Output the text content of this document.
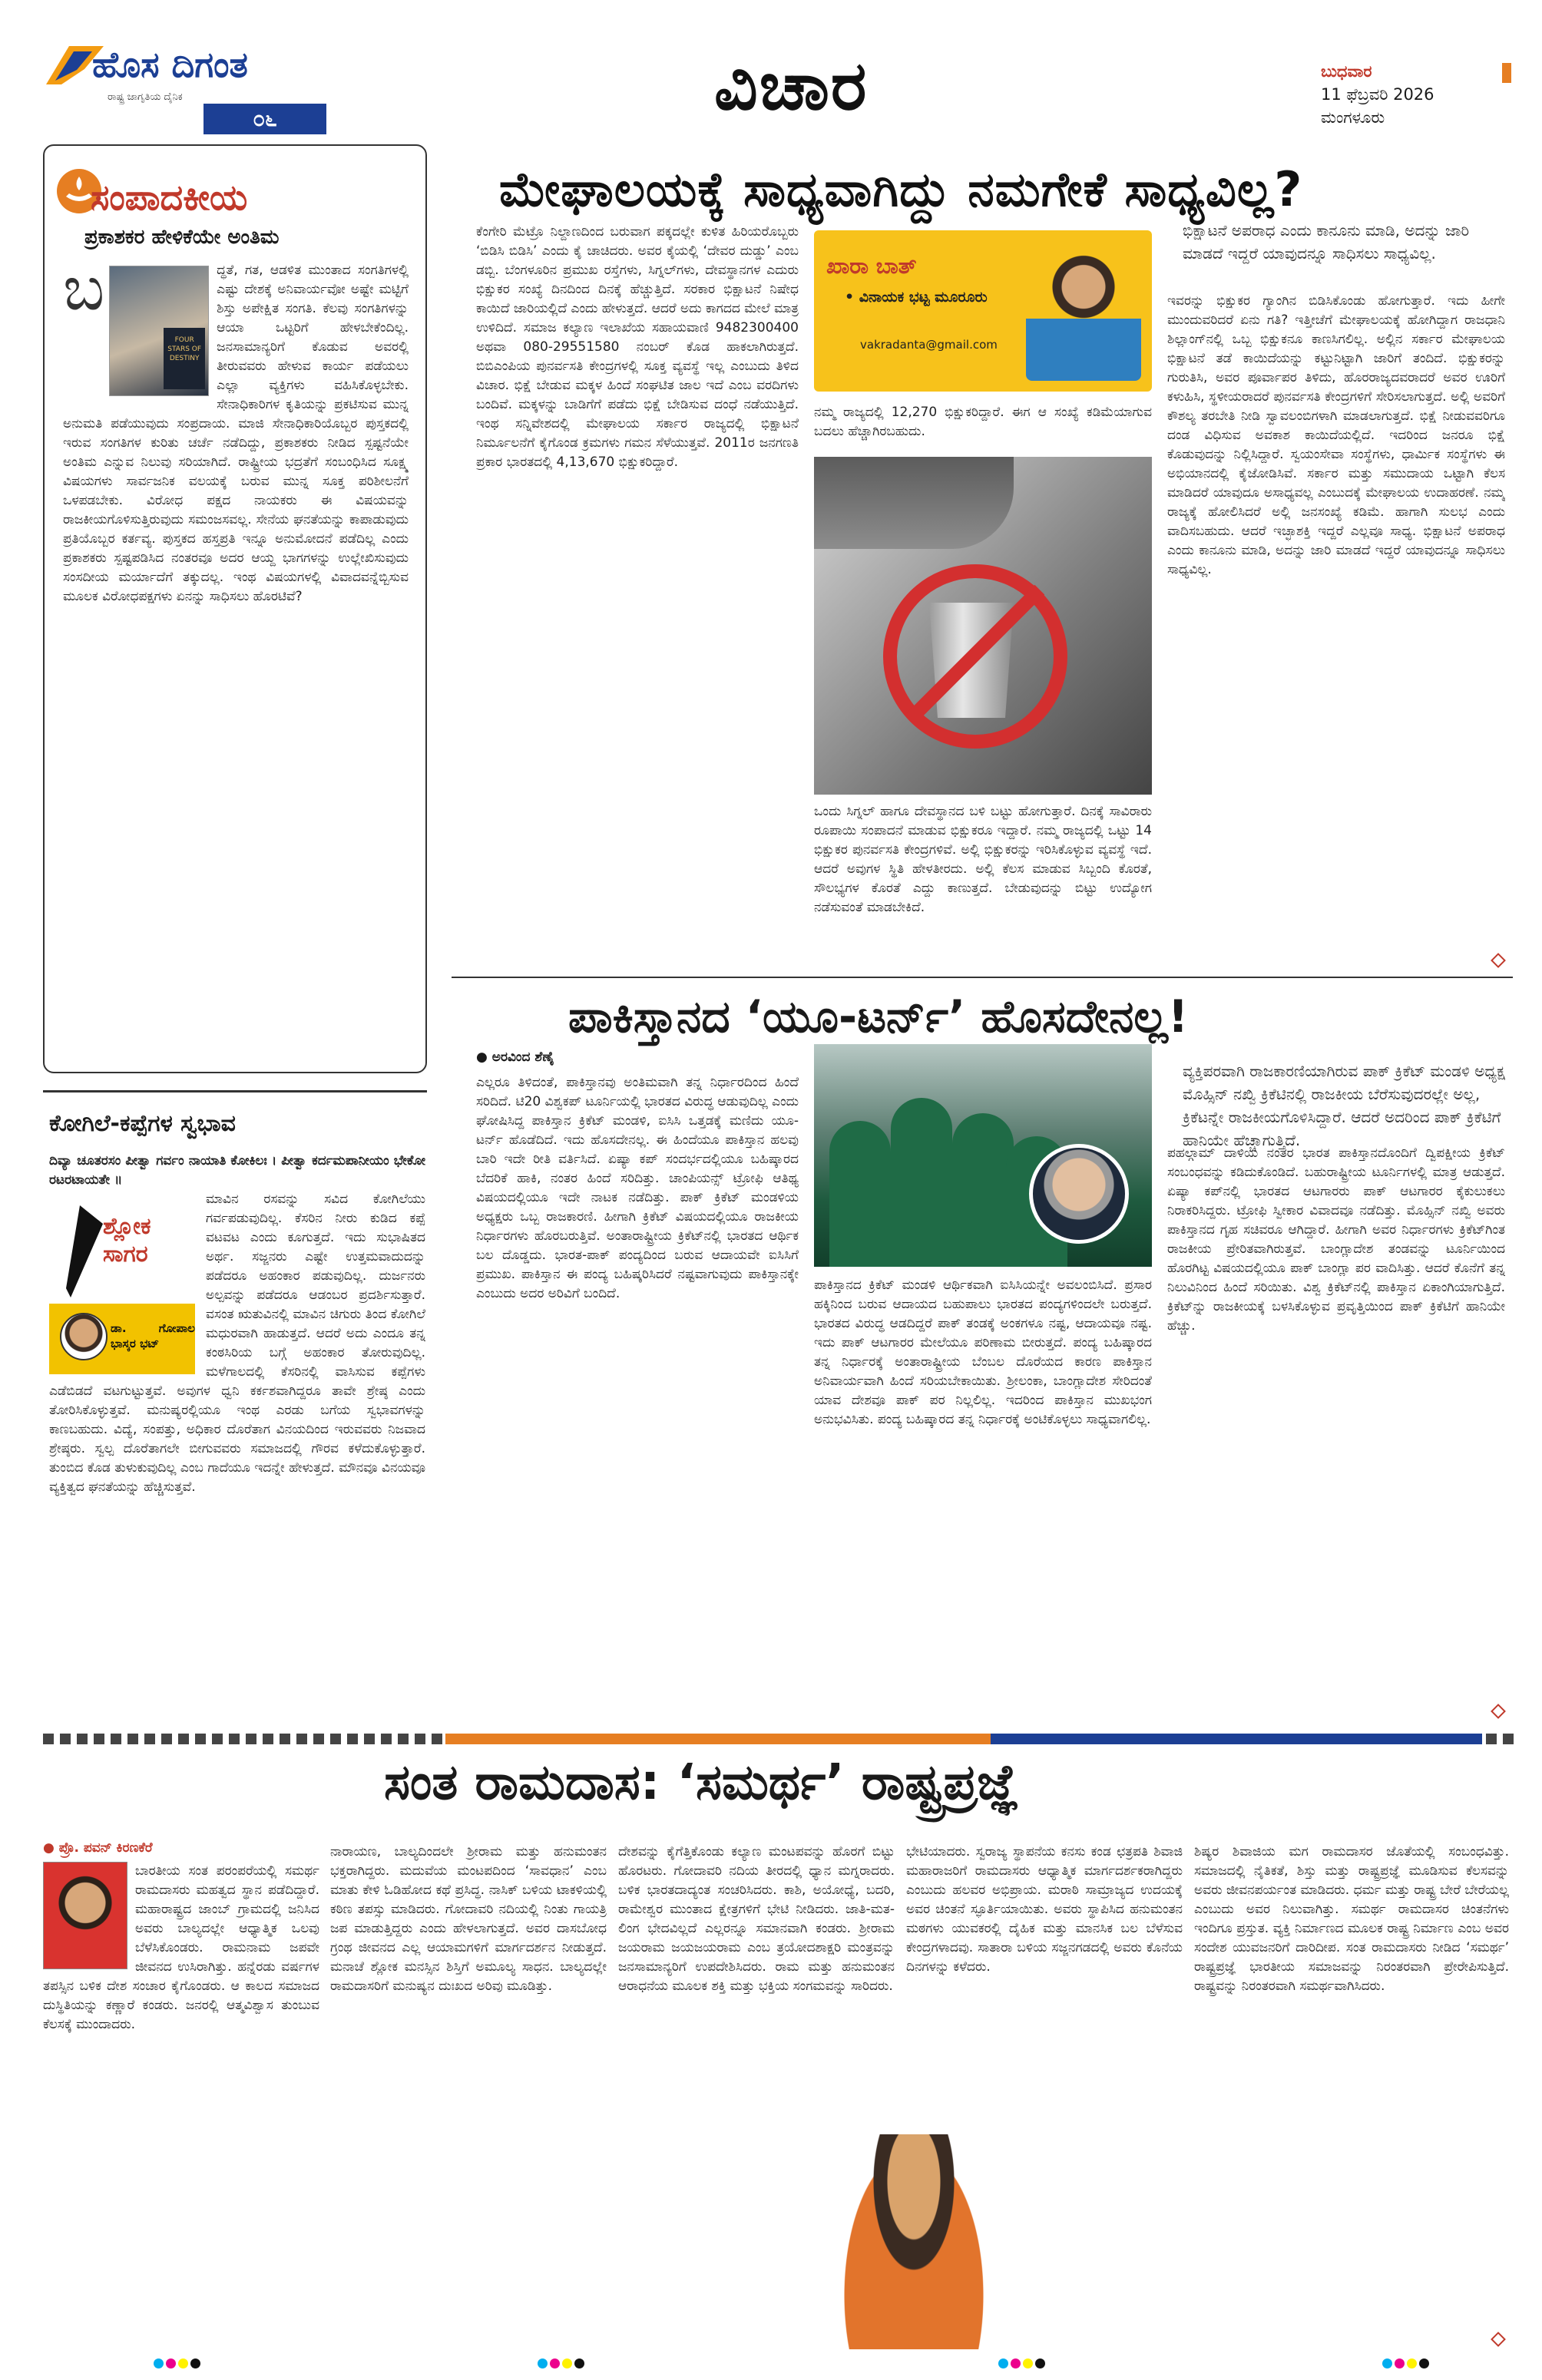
ಹೊಸ ದಿಗಂತ
ರಾಷ್ಟ್ರ ಜಾಗೃತಿಯ ದೈನಿಕ
೦೬	ವಿಚಾರ	ಬುಧವಾರ
11 ಫೆಬ್ರವರಿ 2026
ಮಂಗಳೂರು
ಸಂಪಾದಕೀಯ
ಪ್ರಕಾಶಕರ ಹೇಳಿಕೆಯೇ ಅಂತಿಮ
ಬ
FOUR STARS OF DESTINY
ದ್ಧತೆ, ಗತ, ಆಡಳಿತ ಮುಂತಾದ ಸಂಗತಿಗಳಲ್ಲಿ ಎಷ್ಟು ದೇಶಕ್ಕೆ ಅನಿವಾರ್ಯವೋ ಅಷ್ಟೇ ಮಟ್ಟಿಗೆ ಶಿಸ್ತು ಅಪೇಕ್ಷಿತ ಸಂಗತಿ. ಕೆಲವು ಸಂಗತಿಗಳನ್ನು ಆಯಾ ಒಟ್ಟರಿಗೆ ಹೇಳಬೇಕೆಂದಿಲ್ಲ. ಜನಸಾಮಾನ್ಯರಿಗೆ ಕೊಡುವ ಅವರಲ್ಲಿ ತೀರುವವರು ಹೇಳುವ ಕಾರ್ಯ ಪಡೆಯಲು ಎಲ್ಲಾ ವ್ಯಕ್ತಿಗಳು ವಹಿಸಿಕೊಳ್ಳಬೇಕು. ಸೇನಾಧಿಕಾರಿಗಳ ಕೃತಿಯನ್ನು ಪ್ರಕಟಿಸುವ ಮುನ್ನ ಅನುಮತಿ ಪಡೆಯುವುದು ಸಂಪ್ರದಾಯ. ಮಾಜಿ ಸೇನಾಧಿಕಾರಿಯೊಬ್ಬರ ಪುಸ್ತಕದಲ್ಲಿ ಇರುವ ಸಂಗತಿಗಳ ಕುರಿತು ಚರ್ಚೆ ನಡೆದಿದ್ದು, ಪ್ರಕಾಶಕರು ನೀಡಿದ ಸ್ಪಷ್ಟನೆಯೇ ಅಂತಿಮ ಎನ್ನುವ ನಿಲುವು ಸರಿಯಾಗಿದೆ. ರಾಷ್ಟ್ರೀಯ ಭದ್ರತೆಗೆ ಸಂಬಂಧಿಸಿದ ಸೂಕ್ಷ್ಮ ವಿಷಯಗಳು ಸಾರ್ವಜನಿಕ ವಲಯಕ್ಕೆ ಬರುವ ಮುನ್ನ ಸೂಕ್ತ ಪರಿಶೀಲನೆಗೆ ಒಳಪಡಬೇಕು. ವಿರೋಧ ಪಕ್ಷದ ನಾಯಕರು ಈ ವಿಷಯವನ್ನು ರಾಜಕೀಯಗೊಳಿಸುತ್ತಿರುವುದು ಸಮಂಜಸವಲ್ಲ. ಸೇನೆಯ ಘನತೆಯನ್ನು ಕಾಪಾಡುವುದು ಪ್ರತಿಯೊಬ್ಬರ ಕರ್ತವ್ಯ. ಪುಸ್ತಕದ ಹಸ್ತಪ್ರತಿ ಇನ್ನೂ ಅನುಮೋದನೆ ಪಡೆದಿಲ್ಲ ಎಂದು ಪ್ರಕಾಶಕರು ಸ್ಪಷ್ಟಪಡಿಸಿದ ನಂತರವೂ ಅದರ ಆಯ್ದ ಭಾಗಗಳನ್ನು ಉಲ್ಲೇಖಿಸುವುದು ಸಂಸದೀಯ ಮರ್ಯಾದೆಗೆ ತಕ್ಕುದಲ್ಲ. ಇಂಥ ವಿಷಯಗಳಲ್ಲಿ ವಿವಾದವನ್ನೆಬ್ಬಿಸುವ ಮೂಲಕ ವಿರೋಧಪಕ್ಷಗಳು ಏನನ್ನು ಸಾಧಿಸಲು ಹೊರಟಿವೆ?
ಮೇಘಾಲಯಕ್ಕೆ ಸಾಧ್ಯವಾಗಿದ್ದು ನಮಗೇಕೆ ಸಾಧ್ಯವಿಲ್ಲ?
ಭಿಕ್ಷಾಟನೆ ಅಪರಾಧ ಎಂದು ಕಾನೂನು ಮಾಡಿ, ಅದನ್ನು ಜಾರಿ ಮಾಡದೆ ಇದ್ದರೆ ಯಾವುದನ್ನೂ ಸಾಧಿಸಲು ಸಾಧ್ಯವಿಲ್ಲ.
ಕೆಂಗೇರಿ ಮೆಟ್ರೊ ನಿಲ್ದಾಣದಿಂದ ಬರುವಾಗ ಪಕ್ಕದಲ್ಲೇ ಕುಳಿತ ಹಿರಿಯರೊಬ್ಬರು ‘ಬಿಡಿಸಿ ಬಿಡಿಸಿ’ ಎಂದು ಕೈ ಚಾಚಿದರು. ಅವರ ಕೈಯಲ್ಲಿ ‘ದೇವರ ದುಡ್ಡು’ ಎಂಬ ಡಬ್ಬಿ. ಬೆಂಗಳೂರಿನ ಪ್ರಮುಖ ರಸ್ತೆಗಳು, ಸಿಗ್ನಲ್‌ಗಳು, ದೇವಸ್ಥಾನಗಳ ಎದುರು ಭಿಕ್ಷುಕರ ಸಂಖ್ಯೆ ದಿನದಿಂದ ದಿನಕ್ಕೆ ಹೆಚ್ಚುತ್ತಿದೆ. ಸರಕಾರ ಭಿಕ್ಷಾಟನೆ ನಿಷೇಧ ಕಾಯಿದೆ ಜಾರಿಯಲ್ಲಿದೆ ಎಂದು ಹೇಳುತ್ತದೆ. ಆದರೆ ಅದು ಕಾಗದದ ಮೇಲೆ ಮಾತ್ರ ಉಳಿದಿದೆ. ಸಮಾಜ ಕಲ್ಯಾಣ ಇಲಾಖೆಯ ಸಹಾಯವಾಣಿ 9482300400 ಅಥವಾ 080-29551580 ನಂಬರ್ ಕೊಡ ಹಾಕಲಾಗಿರುತ್ತದೆ. ಬಿಬಿಎಂಪಿಯ ಪುನರ್ವಸತಿ ಕೇಂದ್ರಗಳಲ್ಲಿ ಸೂಕ್ತ ವ್ಯವಸ್ಥೆ ಇಲ್ಲ ಎಂಬುದು ತಿಳಿದ ವಿಚಾರ. ಭಿಕ್ಷೆ ಬೇಡುವ ಮಕ್ಕಳ ಹಿಂದೆ ಸಂಘಟಿತ ಜಾಲ ಇದೆ ಎಂಬ ವರದಿಗಳು ಬಂದಿವೆ. ಮಕ್ಕಳನ್ನು ಬಾಡಿಗೆಗೆ ಪಡೆದು ಭಿಕ್ಷೆ ಬೇಡಿಸುವ ದಂಧೆ ನಡೆಯುತ್ತಿದೆ. ಇಂಥ ಸನ್ನಿವೇಶದಲ್ಲಿ ಮೇಘಾಲಯ ಸರ್ಕಾರ ರಾಜ್ಯದಲ್ಲಿ ಭಿಕ್ಷಾಟನೆ ನಿರ್ಮೂಲನೆಗೆ ಕೈಗೊಂಡ ಕ್ರಮಗಳು ಗಮನ ಸೆಳೆಯುತ್ತವೆ. 2011ರ ಜನಗಣತಿ ಪ್ರಕಾರ ಭಾರತದಲ್ಲಿ 4,13,670 ಭಿಕ್ಷುಕರಿದ್ದಾರೆ.
ಖಾರಾ ಬಾತ್
• ವಿನಾಯಕ ಭಟ್ಟ ಮೂರೂರು
vakradanta@gmail.com
ನಮ್ಮ ರಾಜ್ಯದಲ್ಲಿ 12,270 ಭಿಕ್ಷುಕರಿದ್ದಾರೆ. ಈಗ ಆ ಸಂಖ್ಯೆ ಕಡಿಮೆಯಾಗುವ ಬದಲು ಹೆಚ್ಚಾಗಿರಬಹುದು.
ಒಂದು ಸಿಗ್ನಲ್ ಹಾಗೂ ದೇವಸ್ಥಾನದ ಬಳಿ ಬಟ್ಟು ಹೋಗುತ್ತಾರೆ. ದಿನಕ್ಕೆ ಸಾವಿರಾರು ರೂಪಾಯಿ ಸಂಪಾದನೆ ಮಾಡುವ ಭಿಕ್ಷುಕರೂ ಇದ್ದಾರೆ. ನಮ್ಮ ರಾಜ್ಯದಲ್ಲಿ ಒಟ್ಟು 14 ಭಿಕ್ಷುಕರ ಪುನರ್ವಸತಿ ಕೇಂದ್ರಗಳಿವೆ. ಅಲ್ಲಿ ಭಿಕ್ಷುಕರನ್ನು ಇರಿಸಿಕೊಳ್ಳುವ ವ್ಯವಸ್ಥೆ ಇದೆ. ಆದರೆ ಅವುಗಳ ಸ್ಥಿತಿ ಹೇಳತೀರದು. ಅಲ್ಲಿ ಕೆಲಸ ಮಾಡುವ ಸಿಬ್ಬಂದಿ ಕೊರತೆ, ಸೌಲಭ್ಯಗಳ ಕೊರತೆ ಎದ್ದು ಕಾಣುತ್ತದೆ. ಬೇಡುವುದನ್ನು ಬಿಟ್ಟು ಉದ್ಯೋಗ ನಡೆಸುವಂತೆ ಮಾಡಬೇಕಿದೆ.
ಇವರನ್ನು ಭಿಕ್ಷುಕರ ಗ್ಯಾಂಗಿನ ಬಿಡಿಸಿಕೊಂಡು ಹೋಗುತ್ತಾರೆ. ಇದು ಹೀಗೇ ಮುಂದುವರಿದರೆ ಏನು ಗತಿ? ಇತ್ತೀಚೆಗೆ ಮೇಘಾಲಯಕ್ಕೆ ಹೋಗಿದ್ದಾಗ ರಾಜಧಾನಿ ಶಿಲ್ಲಾಂಗ್‌ನಲ್ಲಿ ಒಬ್ಬ ಭಿಕ್ಷುಕನೂ ಕಾಣಸಿಗಲಿಲ್ಲ. ಅಲ್ಲಿನ ಸರ್ಕಾರ ಮೇಘಾಲಯ ಭಿಕ್ಷಾಟನೆ ತಡೆ ಕಾಯಿದೆಯನ್ನು ಕಟ್ಟುನಿಟ್ಟಾಗಿ ಜಾರಿಗೆ ತಂದಿದೆ. ಭಿಕ್ಷುಕರನ್ನು ಗುರುತಿಸಿ, ಅವರ ಪೂರ್ವಾಪರ ತಿಳಿದು, ಹೊರರಾಜ್ಯದವರಾದರೆ ಅವರ ಊರಿಗೆ ಕಳುಹಿಸಿ, ಸ್ಥಳೀಯರಾದರೆ ಪುನರ್ವಸತಿ ಕೇಂದ್ರಗಳಿಗೆ ಸೇರಿಸಲಾಗುತ್ತದೆ. ಅಲ್ಲಿ ಅವರಿಗೆ ಕೌಶಲ್ಯ ತರಬೇತಿ ನೀಡಿ ಸ್ವಾವಲಂಬಿಗಳಾಗಿ ಮಾಡಲಾಗುತ್ತದೆ. ಭಿಕ್ಷೆ ನೀಡುವವರಿಗೂ ದಂಡ ವಿಧಿಸುವ ಅವಕಾಶ ಕಾಯಿದೆಯಲ್ಲಿದೆ. ಇದರಿಂದ ಜನರೂ ಭಿಕ್ಷೆ ಕೊಡುವುದನ್ನು ನಿಲ್ಲಿಸಿದ್ದಾರೆ. ಸ್ವಯಂಸೇವಾ ಸಂಸ್ಥೆಗಳು, ಧಾರ್ಮಿಕ ಸಂಸ್ಥೆಗಳು ಈ ಅಭಿಯಾನದಲ್ಲಿ ಕೈಜೋಡಿಸಿವೆ. ಸರ್ಕಾರ ಮತ್ತು ಸಮುದಾಯ ಒಟ್ಟಾಗಿ ಕೆಲಸ ಮಾಡಿದರೆ ಯಾವುದೂ ಅಸಾಧ್ಯವಲ್ಲ ಎಂಬುದಕ್ಕೆ ಮೇಘಾಲಯ ಉದಾಹರಣೆ. ನಮ್ಮ ರಾಜ್ಯಕ್ಕೆ ಹೋಲಿಸಿದರೆ ಅಲ್ಲಿ ಜನಸಂಖ್ಯೆ ಕಡಿಮೆ. ಹಾಗಾಗಿ ಸುಲಭ ಎಂದು ವಾದಿಸಬಹುದು. ಆದರೆ ಇಚ್ಛಾಶಕ್ತಿ ಇದ್ದರೆ ಎಲ್ಲವೂ ಸಾಧ್ಯ. ಭಿಕ್ಷಾಟನೆ ಅಪರಾಧ ಎಂದು ಕಾನೂನು ಮಾಡಿ, ಅದನ್ನು ಜಾರಿ ಮಾಡದೆ ಇದ್ದರೆ ಯಾವುದನ್ನೂ ಸಾಧಿಸಲು ಸಾಧ್ಯವಿಲ್ಲ.
ಪಾಕಿಸ್ತಾನದ ‘ಯೂ-ಟರ್ನ್’ ಹೊಸದೇನಲ್ಲ!
● ಅರವಿಂದ ಶೆಣೈ
ವ್ಯಕ್ತಿಪರವಾಗಿ ರಾಜಕಾರಣಿಯಾಗಿರುವ ಪಾಕ್ ಕ್ರಿಕೆಟ್ ಮಂಡಳಿ ಅಧ್ಯಕ್ಷ ಮೊಹ್ಸಿನ್ ನಖ್ವಿ ಕ್ರಿಕೆಟಿನಲ್ಲಿ ರಾಜಕೀಯ ಬೆರೆಸುವುದರಲ್ಲೇ ಅಲ್ಲ, ಕ್ರಿಕೆಟನ್ನೇ ರಾಜಕೀಯಗೊಳಿಸಿದ್ದಾರೆ. ಆದರೆ ಅದರಿಂದ ಪಾಕ್ ಕ್ರಿಕೆಟಿಗೆ ಹಾನಿಯೇ ಹೆಚ್ಚಾಗುತ್ತಿದೆ.
ಎಲ್ಲರೂ ತಿಳಿದಂತೆ, ಪಾಕಿಸ್ತಾನವು ಅಂತಿಮವಾಗಿ ತನ್ನ ನಿರ್ಧಾರದಿಂದ ಹಿಂದೆ ಸರಿದಿದೆ. ಟಿ20 ವಿಶ್ವಕಪ್ ಟೂರ್ನಿಯಲ್ಲಿ ಭಾರತದ ವಿರುದ್ಧ ಆಡುವುದಿಲ್ಲ ಎಂದು ಘೋಷಿಸಿದ್ದ ಪಾಕಿಸ್ತಾನ ಕ್ರಿಕೆಟ್ ಮಂಡಳಿ, ಐಸಿಸಿ ಒತ್ತಡಕ್ಕೆ ಮಣಿದು ಯೂ-ಟರ್ನ್ ಹೊಡೆದಿದೆ. ಇದು ಹೊಸದೇನಲ್ಲ. ಈ ಹಿಂದೆಯೂ ಪಾಕಿಸ್ತಾನ ಹಲವು ಬಾರಿ ಇದೇ ರೀತಿ ವರ್ತಿಸಿದೆ. ಏಷ್ಯಾ ಕಪ್ ಸಂದರ್ಭದಲ್ಲಿಯೂ ಬಹಿಷ್ಕಾರದ ಬೆದರಿಕೆ ಹಾಕಿ, ನಂತರ ಹಿಂದೆ ಸರಿದಿತ್ತು. ಚಾಂಪಿಯನ್ಸ್ ಟ್ರೋಫಿ ಆತಿಥ್ಯ ವಿಷಯದಲ್ಲಿಯೂ ಇದೇ ನಾಟಕ ನಡೆದಿತ್ತು. ಪಾಕ್ ಕ್ರಿಕೆಟ್ ಮಂಡಳಿಯ ಅಧ್ಯಕ್ಷರು ಒಬ್ಬ ರಾಜಕಾರಣಿ. ಹೀಗಾಗಿ ಕ್ರಿಕೆಟ್ ವಿಷಯದಲ್ಲಿಯೂ ರಾಜಕೀಯ ನಿರ್ಧಾರಗಳು ಹೊರಬರುತ್ತಿವೆ. ಅಂತಾರಾಷ್ಟ್ರೀಯ ಕ್ರಿಕೆಟ್‌ನಲ್ಲಿ ಭಾರತದ ಆರ್ಥಿಕ ಬಲ ದೊಡ್ಡದು. ಭಾರತ-ಪಾಕ್ ಪಂದ್ಯದಿಂದ ಬರುವ ಆದಾಯವೇ ಐಸಿಸಿಗೆ ಪ್ರಮುಖ. ಪಾಕಿಸ್ತಾನ ಈ ಪಂದ್ಯ ಬಹಿಷ್ಕರಿಸಿದರೆ ನಷ್ಟವಾಗುವುದು ಪಾಕಿಸ್ತಾನಕ್ಕೇ ಎಂಬುದು ಅದರ ಅರಿವಿಗೆ ಬಂದಿದೆ.
ಪಾಕಿಸ್ತಾನದ ಕ್ರಿಕೆಟ್ ಮಂಡಳಿ ಆರ್ಥಿಕವಾಗಿ ಐಸಿಸಿಯನ್ನೇ ಅವಲಂಬಿಸಿದೆ. ಪ್ರಸಾರ ಹಕ್ಕಿನಿಂದ ಬರುವ ಆದಾಯದ ಬಹುಪಾಲು ಭಾರತದ ಪಂದ್ಯಗಳಿಂದಲೇ ಬರುತ್ತದೆ. ಭಾರತದ ವಿರುದ್ಧ ಆಡದಿದ್ದರೆ ಪಾಕ್ ತಂಡಕ್ಕೆ ಅಂಕಗಳೂ ನಷ್ಟ, ಆದಾಯವೂ ನಷ್ಟ. ಇದು ಪಾಕ್ ಆಟಗಾರರ ಮೇಲೆಯೂ ಪರಿಣಾಮ ಬೀರುತ್ತದೆ. ಪಂದ್ಯ ಬಹಿಷ್ಕಾರದ ತನ್ನ ನಿರ್ಧಾರಕ್ಕೆ ಅಂತಾರಾಷ್ಟ್ರೀಯ ಬೆಂಬಲ ದೊರೆಯದ ಕಾರಣ ಪಾಕಿಸ್ತಾನ ಅನಿವಾರ್ಯವಾಗಿ ಹಿಂದೆ ಸರಿಯಬೇಕಾಯಿತು. ಶ್ರೀಲಂಕಾ, ಬಾಂಗ್ಲಾದೇಶ ಸೇರಿದಂತೆ ಯಾವ ದೇಶವೂ ಪಾಕ್ ಪರ ನಿಲ್ಲಲಿಲ್ಲ. ಇದರಿಂದ ಪಾಕಿಸ್ತಾನ ಮುಖಭಂಗ ಅನುಭವಿಸಿತು. ಪಂದ್ಯ ಬಹಿಷ್ಕಾರದ ತನ್ನ ನಿರ್ಧಾರಕ್ಕೆ ಅಂಟಿಕೊಳ್ಳಲು ಸಾಧ್ಯವಾಗಲಿಲ್ಲ.
ಪಹಲ್ಗಾಮ್ ದಾಳಿಯ ನಂತರ ಭಾರತ ಪಾಕಿಸ್ತಾನದೊಂದಿಗೆ ದ್ವಿಪಕ್ಷೀಯ ಕ್ರಿಕೆಟ್ ಸಂಬಂಧವನ್ನು ಕಡಿದುಕೊಂಡಿದೆ. ಬಹುರಾಷ್ಟ್ರೀಯ ಟೂರ್ನಿಗಳಲ್ಲಿ ಮಾತ್ರ ಆಡುತ್ತದೆ. ಏಷ್ಯಾ ಕಪ್‌ನಲ್ಲಿ ಭಾರತದ ಆಟಗಾರರು ಪಾಕ್ ಆಟಗಾರರ ಕೈಕುಲುಕಲು ನಿರಾಕರಿಸಿದ್ದರು. ಟ್ರೋಫಿ ಸ್ವೀಕಾರ ವಿವಾದವೂ ನಡೆದಿತ್ತು. ಮೊಹ್ಸಿನ್ ನಖ್ವಿ ಅವರು ಪಾಕಿಸ್ತಾನದ ಗೃಹ ಸಚಿವರೂ ಆಗಿದ್ದಾರೆ. ಹೀಗಾಗಿ ಅವರ ನಿರ್ಧಾರಗಳು ಕ್ರಿಕೆಟ್‌ಗಿಂತ ರಾಜಕೀಯ ಪ್ರೇರಿತವಾಗಿರುತ್ತವೆ. ಬಾಂಗ್ಲಾದೇಶ ತಂಡವನ್ನು ಟೂರ್ನಿಯಿಂದ ಹೊರಗಿಟ್ಟ ವಿಷಯದಲ್ಲಿಯೂ ಪಾಕ್ ಬಾಂಗ್ಲಾ ಪರ ವಾದಿಸಿತ್ತು. ಆದರೆ ಕೊನೆಗೆ ತನ್ನ ನಿಲುವಿನಿಂದ ಹಿಂದೆ ಸರಿಯಿತು. ವಿಶ್ವ ಕ್ರಿಕೆಟ್‌ನಲ್ಲಿ ಪಾಕಿಸ್ತಾನ ಏಕಾಂಗಿಯಾಗುತ್ತಿದೆ. ಕ್ರಿಕೆಟ್‌ನ್ನು ರಾಜಕೀಯಕ್ಕೆ ಬಳಸಿಕೊಳ್ಳುವ ಪ್ರವೃತ್ತಿಯಿಂದ ಪಾಕ್ ಕ್ರಿಕೆಟಿಗೆ ಹಾನಿಯೇ ಹೆಚ್ಚು.
ಕೋಗಿಲೆ-ಕಪ್ಪೆಗಳ ಸ್ವಭಾವ
ದಿವ್ಯಾ ಚೂತರಸಂ ಪೀತ್ವಾ ಗರ್ವಂ ನಾಯಾತಿ ಕೋಕಿಲಃ । ಪೀತ್ವಾ ಕರ್ದಮಪಾನೀಯಂ ಭೇಕೋ ರಟರಟಾಯತೇ ॥
ಶ್ಲೋಕ ಸಾಗರ
ಡಾ. ಗೋಪಾಲ ಭಾಸ್ಕರ ಭಟ್
ಮಾವಿನ ರಸವನ್ನು ಸವಿದ ಕೋಗಿಲೆಯು ಗರ್ವಪಡುವುದಿಲ್ಲ. ಕೆಸರಿನ ನೀರು ಕುಡಿದ ಕಪ್ಪೆ ವಟವಟ ಎಂದು ಕೂಗುತ್ತದೆ. ಇದು ಸುಭಾಷಿತದ ಅರ್ಥ. ಸಜ್ಜನರು ಎಷ್ಟೇ ಉತ್ತಮವಾದುದನ್ನು ಪಡೆದರೂ ಅಹಂಕಾರ ಪಡುವುದಿಲ್ಲ. ದುರ್ಜನರು ಅಲ್ಪವನ್ನು ಪಡೆದರೂ ಆಡಂಬರ ಪ್ರದರ್ಶಿಸುತ್ತಾರೆ. ವಸಂತ ಋತುವಿನಲ್ಲಿ ಮಾವಿನ ಚಿಗುರು ತಿಂದ ಕೋಗಿಲೆ ಮಧುರವಾಗಿ ಹಾಡುತ್ತದೆ. ಆದರೆ ಅದು ಎಂದೂ ತನ್ನ ಕಂಠಸಿರಿಯ ಬಗ್ಗೆ ಅಹಂಕಾರ ತೋರುವುದಿಲ್ಲ. ಮಳೆಗಾಲದಲ್ಲಿ ಕೆಸರಿನಲ್ಲಿ ವಾಸಿಸುವ ಕಪ್ಪೆಗಳು ಎಡೆಬಿಡದೆ ವಟಗುಟ್ಟುತ್ತವೆ. ಅವುಗಳ ಧ್ವನಿ ಕರ್ಕಶವಾಗಿದ್ದರೂ ತಾವೇ ಶ್ರೇಷ್ಠ ಎಂದು ತೋರಿಸಿಕೊಳ್ಳುತ್ತವೆ. ಮನುಷ್ಯರಲ್ಲಿಯೂ ಇಂಥ ಎರಡು ಬಗೆಯ ಸ್ವಭಾವಗಳನ್ನು ಕಾಣಬಹುದು. ವಿದ್ಯೆ, ಸಂಪತ್ತು, ಅಧಿಕಾರ ದೊರೆತಾಗ ವಿನಯದಿಂದ ಇರುವವರು ನಿಜವಾದ ಶ್ರೇಷ್ಠರು. ಸ್ವಲ್ಪ ದೊರೆತಾಗಲೇ ಬೀಗುವವರು ಸಮಾಜದಲ್ಲಿ ಗೌರವ ಕಳೆದುಕೊಳ್ಳುತ್ತಾರೆ. ತುಂಬಿದ ಕೊಡ ತುಳುಕುವುದಿಲ್ಲ ಎಂಬ ಗಾದೆಯೂ ಇದನ್ನೇ ಹೇಳುತ್ತದೆ. ಮೌನವೂ ವಿನಯವೂ ವ್ಯಕ್ತಿತ್ವದ ಘನತೆಯನ್ನು ಹೆಚ್ಚಿಸುತ್ತವೆ.
ಸಂತ ರಾಮದಾಸ: ‘ಸಮರ್ಥ’ ರಾಷ್ಟ್ರಪ್ರಜ್ಞೆ
● ಪ್ರೊ. ಪವನ್ ಕಿರಣಕೆರೆ
ಬಾರತೀಯ ಸಂತ ಪರಂಪರೆಯಲ್ಲಿ ಸಮರ್ಥ ರಾಮದಾಸರು ಮಹತ್ವದ ಸ್ಥಾನ ಪಡೆದಿದ್ದಾರೆ. ಮಹಾರಾಷ್ಟ್ರದ ಜಾಂಬ್ ಗ್ರಾಮದಲ್ಲಿ ಜನಿಸಿದ ಅವರು ಬಾಲ್ಯದಲ್ಲೇ ಆಧ್ಯಾತ್ಮಿಕ ಒಲವು ಬೆಳೆಸಿಕೊಂಡರು. ರಾಮನಾಮ ಜಪವೇ ಜೀವನದ ಉಸಿರಾಗಿತ್ತು. ಹನ್ನೆರಡು ವರ್ಷಗಳ ತಪಸ್ಸಿನ ಬಳಿಕ ದೇಶ ಸಂಚಾರ ಕೈಗೊಂಡರು. ಆ ಕಾಲದ ಸಮಾಜದ ದುಸ್ಥಿತಿಯನ್ನು ಕಣ್ಣಾರೆ ಕಂಡರು. ಜನರಲ್ಲಿ ಆತ್ಮವಿಶ್ವಾಸ ತುಂಬುವ ಕೆಲಸಕ್ಕೆ ಮುಂದಾದರು.
ನಾರಾಯಣ, ಬಾಲ್ಯದಿಂದಲೇ ಶ್ರೀರಾಮ ಮತ್ತು ಹನುಮಂತನ ಭಕ್ತರಾಗಿದ್ದರು. ಮದುವೆಯ ಮಂಟಪದಿಂದ ‘ಸಾವಧಾನ’ ಎಂಬ ಮಾತು ಕೇಳಿ ಓಡಿಹೋದ ಕಥೆ ಪ್ರಸಿದ್ಧ. ನಾಸಿಕ್ ಬಳಿಯ ಟಾಕಳಿಯಲ್ಲಿ ಕಠಿಣ ತಪಸ್ಸು ಮಾಡಿದರು. ಗೋದಾವರಿ ನದಿಯಲ್ಲಿ ನಿಂತು ಗಾಯತ್ರಿ ಜಪ ಮಾಡುತ್ತಿದ್ದರು ಎಂದು ಹೇಳಲಾಗುತ್ತದೆ. ಅವರ ದಾಸಬೋಧ ಗ್ರಂಥ ಜೀವನದ ಎಲ್ಲ ಆಯಾಮಗಳಿಗೆ ಮಾರ್ಗದರ್ಶನ ನೀಡುತ್ತದೆ. ಮನಾಚೆ ಶ್ಲೋಕ ಮನಸ್ಸಿನ ಶಿಸ್ತಿಗೆ ಅಮೂಲ್ಯ ಸಾಧನ. ಬಾಲ್ಯದಲ್ಲೇ ರಾಮದಾಸರಿಗೆ ಮನುಷ್ಯನ ದುಃಖದ ಅರಿವು ಮೂಡಿತ್ತು.
ದೇಶವನ್ನು ಕೈಗೆತ್ತಿಕೊಂಡು ಕಲ್ಯಾಣ ಮಂಟಪವನ್ನು ಹೊರಗೆ ಬಿಟ್ಟು ಹೊರಟರು. ಗೋದಾವರಿ ನದಿಯ ತೀರದಲ್ಲಿ ಧ್ಯಾನ ಮಗ್ನರಾದರು. ಬಳಿಕ ಭಾರತದಾದ್ಯಂತ ಸಂಚರಿಸಿದರು. ಕಾಶಿ, ಅಯೋಧ್ಯೆ, ಬದರಿ, ರಾಮೇಶ್ವರ ಮುಂತಾದ ಕ್ಷೇತ್ರಗಳಿಗೆ ಭೇಟಿ ನೀಡಿದರು. ಜಾತಿ-ಮತ-ಲಿಂಗ ಭೇದವಿಲ್ಲದೆ ಎಲ್ಲರನ್ನೂ ಸಮಾನವಾಗಿ ಕಂಡರು. ಶ್ರೀರಾಮ ಜಯರಾಮ ಜಯಜಯರಾಮ ಎಂಬ ತ್ರಯೋದಶಾಕ್ಷರಿ ಮಂತ್ರವನ್ನು ಜನಸಾಮಾನ್ಯರಿಗೆ ಉಪದೇಶಿಸಿದರು. ರಾಮ ಮತ್ತು ಹನುಮಂತನ ಆರಾಧನೆಯ ಮೂಲಕ ಶಕ್ತಿ ಮತ್ತು ಭಕ್ತಿಯ ಸಂಗಮವನ್ನು ಸಾರಿದರು.
ಭೇಟಿಯಾದರು. ಸ್ವರಾಜ್ಯ ಸ್ಥಾಪನೆಯ ಕನಸು ಕಂಡ ಛತ್ರಪತಿ ಶಿವಾಜಿ ಮಹಾರಾಜರಿಗೆ ರಾಮದಾಸರು ಆಧ್ಯಾತ್ಮಿಕ ಮಾರ್ಗದರ್ಶಕರಾಗಿದ್ದರು ಎಂಬುದು ಹಲವರ ಅಭಿಪ್ರಾಯ. ಮರಾಠಿ ಸಾಮ್ರಾಜ್ಯದ ಉದಯಕ್ಕೆ ಅವರ ಚಿಂತನೆ ಸ್ಫೂರ್ತಿಯಾಯಿತು. ಅವರು ಸ್ಥಾಪಿಸಿದ ಹನುಮಂತನ ಮಠಗಳು ಯುವಕರಲ್ಲಿ ದೈಹಿಕ ಮತ್ತು ಮಾನಸಿಕ ಬಲ ಬೆಳೆಸುವ ಕೇಂದ್ರಗಳಾದವು. ಸಾತಾರಾ ಬಳಿಯ ಸಜ್ಜನಗಡದಲ್ಲಿ ಅವರು ಕೊನೆಯ ದಿನಗಳನ್ನು ಕಳೆದರು.
ಶಿಷ್ಯರ ಶಿವಾಜಿಯ ಮಗ ರಾಮದಾಸರ ಜೊತೆಯಲ್ಲಿ ಸಂಬಂಧವಿತ್ತು. ಸಮಾಜದಲ್ಲಿ ನೈತಿಕತೆ, ಶಿಸ್ತು ಮತ್ತು ರಾಷ್ಟ್ರಪ್ರಜ್ಞೆ ಮೂಡಿಸುವ ಕೆಲಸವನ್ನು ಅವರು ಜೀವನಪರ್ಯಂತ ಮಾಡಿದರು. ಧರ್ಮ ಮತ್ತು ರಾಷ್ಟ್ರ ಬೇರೆ ಬೇರೆಯಲ್ಲ ಎಂಬುದು ಅವರ ನಿಲುವಾಗಿತ್ತು. ಸಮರ್ಥ ರಾಮದಾಸರ ಚಿಂತನೆಗಳು ಇಂದಿಗೂ ಪ್ರಸ್ತುತ. ವ್ಯಕ್ತಿ ನಿರ್ಮಾಣದ ಮೂಲಕ ರಾಷ್ಟ್ರ ನಿರ್ಮಾಣ ಎಂಬ ಅವರ ಸಂದೇಶ ಯುವಜನರಿಗೆ ದಾರಿದೀಪ. ಸಂತ ರಾಮದಾಸರು ನೀಡಿದ ‘ಸಮರ್ಥ’ ರಾಷ್ಟ್ರಪ್ರಜ್ಞೆ ಭಾರತೀಯ ಸಮಾಜವನ್ನು ನಿರಂತರವಾಗಿ ಪ್ರೇರೇಪಿಸುತ್ತಿದೆ. ರಾಷ್ಟ್ರವನ್ನು ನಿರಂತರವಾಗಿ ಸಮರ್ಥವಾಗಿಸಿದರು.
